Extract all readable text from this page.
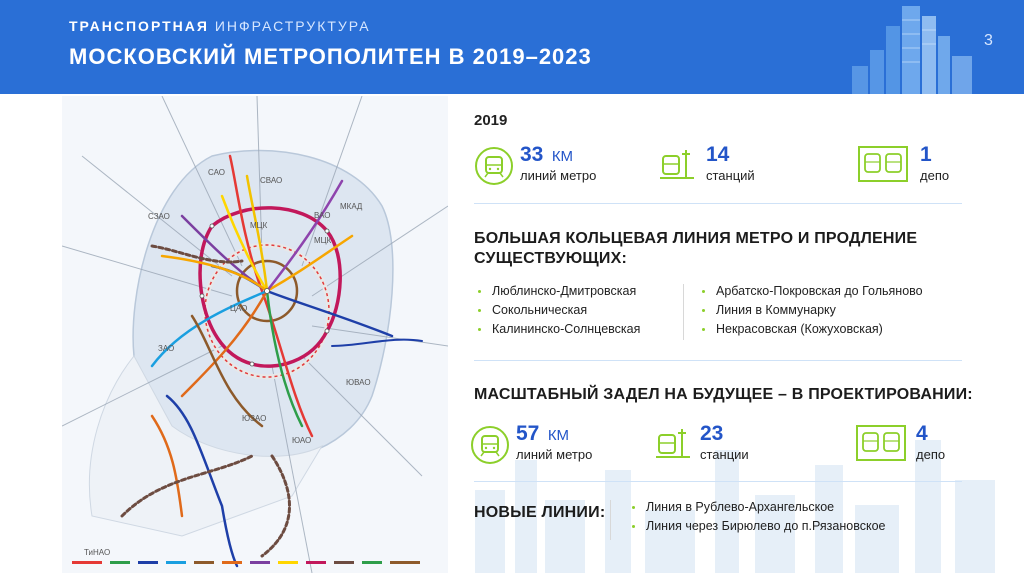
ТРАНСПОРТНАЯ ИНФРАСТРУКТУРА
МОСКОВСКИЙ МЕТРОПОЛИТЕН В 2019–2023
3
САО
СВАО
ВАО
МКАД
СЗАО
ЦАО
ЗАО
ЮВАО
ЮЗАО
ЮАО
ТиНАО
МЦК
МЦК
2019
33 КМ
линий метро
14
станций
1
депо
БОЛЬШАЯ КОЛЬЦЕВАЯ ЛИНИЯ МЕТРО И ПРОДЛЕНИЕ
СУЩЕСТВУЮЩИХ:
Люблинско-Дмитровская
Сокольническая
Калининско-Солнцевская
Арбатско-Покровская до Гольяново
Линия в Коммунарку
Некрасовская (Кожуховская)
МАСШТАБНЫЙ ЗАДЕЛ НА БУДУЩЕЕ – В ПРОЕКТИРОВАНИИ:
57 КМ
линий метро
23
станции
4
депо
НОВЫЕ ЛИНИИ:	Линия в Рублево-Архангельское
Линия через Бирюлево до п.Рязановское
